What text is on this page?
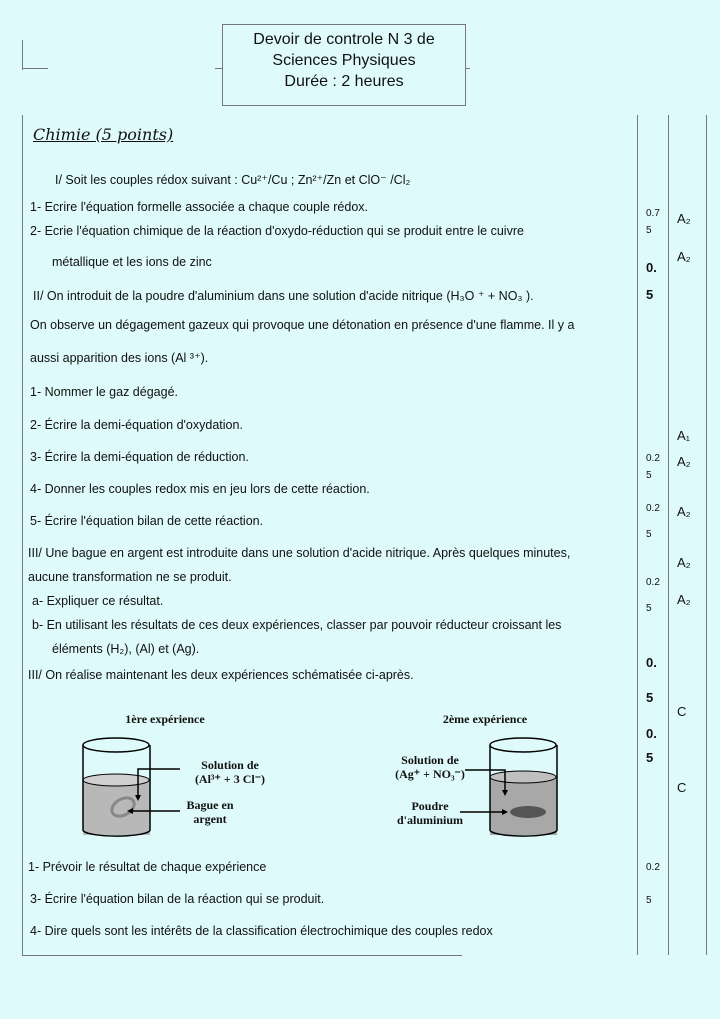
Devoir de controle N 3 de
Sciences Physiques
Durée : 2 heures
Chimie (5 points)
I/ Soit les couples rédox suivant : Cu²⁺/Cu ; Zn²⁺/Zn et ClO⁻ /Cl₂
1- Ecrire l'équation formelle associée a chaque couple rédox.
2- Ecrie l'équation chimique de la réaction d'oxydo-réduction qui se produit entre le cuivre
métallique et les ions de zinc
II/ On introduit de la poudre d'aluminium dans une solution d'acide nitrique (H₃O ⁺ + NO₃ ).
On observe un dégagement gazeux qui provoque une détonation en présence d'une flamme. Il y a
aussi apparition des ions (Al ³⁺).
1- Nommer le gaz dégagé.
2- Écrire la demi-équation d'oxydation.
3- Écrire la demi-équation de réduction.
4- Donner les couples redox mis en jeu lors de cette réaction.
5- Écrire l'équation bilan de cette réaction.
III/ Une bague en argent est introduite dans une solution d'acide nitrique. Après quelques minutes,
aucune transformation ne se produit.
a- Expliquer ce résultat.
b- En utilisant les résultats de ces deux expériences, classer par pouvoir réducteur croissant les
éléments (H₂), (Al) et (Ag).
III/ On réalise maintenant les deux expériences schématisée ci-après.
1- Prévoir le résultat de chaque expérience
3- Écrire l'équation bilan de la réaction qui se produit.
4- Dire quels sont les intérêts de la classification électrochimique des couples redox
0.7
5
0.
5
0.2
5
0.2
5
0.2
5
0.
5
0.
5
0.2
5
A₂
A₂
A₁
A₂
A₂
A₂
A₂
C
C
1ère expérience
Solution de
(Al³⁺ + 3 Cl⁻)
Bague en
argent
2ème expérience
Solution de
(Ag⁺ + NO₃⁻)
Poudre
d'aluminium
